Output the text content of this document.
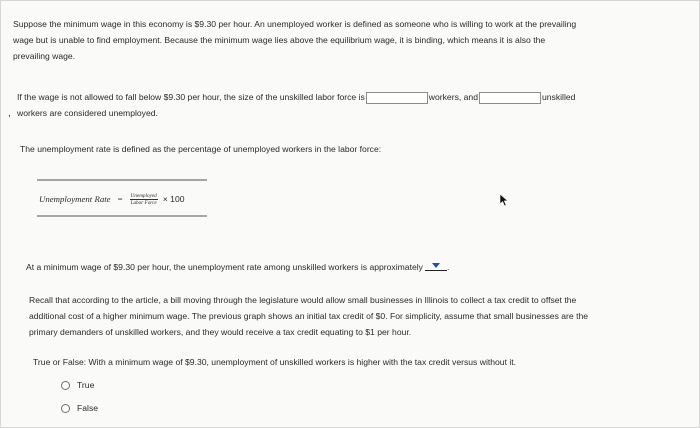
Suppose the minimum wage in this economy is $9.30 per hour. An unemployed worker is defined as someone who is willing to work at the prevailing
wage but is unable to find employment. Because the minimum wage lies above the equilibrium wage, it is binding, which means it is also the
prevailing wage.
,
If the wage is not allowed to fall below $9.30 per hour, the size of the unskilled labor force is	workers, and	unskilled
workers are considered unemployed.
The unemployment rate is defined as the percentage of unemployed workers in the labor force:
Unemployment Rate = $\frac{\text{Unemployed}}{\text{Labor Force}} \times 100$
At a minimum wage of $9.30 per hour, the unemployment rate among unskilled workers is approximately	.
Recall that according to the article, a bill moving through the legislature would allow small businesses in Illinois to collect a tax credit to offset the
additional cost of a higher minimum wage. The previous graph shows an initial tax credit of $0. For simplicity, assume that small businesses are the
primary demanders of unskilled workers, and they would receive a tax credit equating to $1 per hour.
True or False: With a minimum wage of $9.30, unemployment of unskilled workers is higher with the tax credit versus without it.
True
False
